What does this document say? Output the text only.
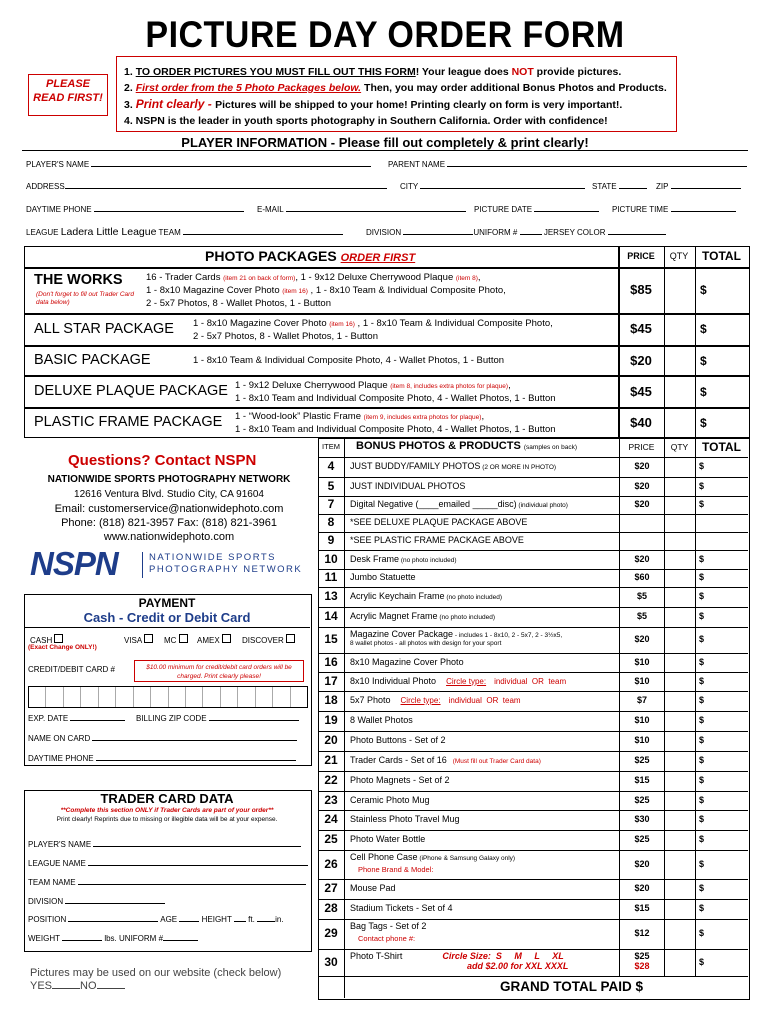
PICTURE DAY ORDER FORM
PLEASE READ FIRST!
1. TO ORDER PICTURES YOU MUST FILL OUT THIS FORM! Your league does NOT provide pictures.
2. First order from the 5 Photo Packages below. Then, you may order additional Bonus Photos and Products.
3. Print clearly - Pictures will be shipped to your home! Printing clearly on form is very important!.
4. NSPN is the leader in youth sports photography in Southern California. Order with confidence!
PLAYER INFORMATION - Please fill out completely & print clearly!
PLAYER'S NAME	PARENT NAME
ADDRESS	CITY	STATE	ZIP
DAYTIME PHONE	E-MAIL	PICTURE DATE	PICTURE TIME
LEAGUE Ladera Little League TEAM	DIVISION	UNIFORM #	JERSEY COLOR
PHOTO PACKAGES ORDER FIRST	PRICE	QTY	TOTAL
THE WORKS
(Don't forget to fill out Trader Card data below)
16 - Trader Cards (item 21 on back of form), 1 - 9x12 Deluxe Cherrywood Plaque (item 8),
1 - 8x10 Magazine Cover Photo (item 16) , 1 - 8x10 Team & Individual Composite Photo,
2 - 5x7 Photos, 8 - Wallet Photos, 1 - Button
$85	$
ALL STAR PACKAGE 1 - 8x10 Magazine Cover Photo (item 16) , 1 - 8x10 Team & Individual Composite Photo,
2 - 5x7 Photos, 8 - Wallet Photos, 1 - Button
$45	$
BASIC PACKAGE	1 - 8x10 Team & Individual Composite Photo, 4 - Wallet Photos, 1 - Button	$20	$
DELUXE PLAQUE PACKAGE 1 - 9x12 Deluxe Cherrywood Plaque (item 8, includes extra photos for plaque),
1 - 8x10 Team and Individual Composite Photo, 4 - Wallet Photos, 1 - Button	$45	$
PLASTIC FRAME PACKAGE 1 - “Wood-look” Plastic Frame (item 9, includes extra photos for plaque),
1 - 8x10 Team and Individual Composite Photo, 4 - Wallet Photos, 1 - Button	$40	$
Questions? Contact NSPN
NATIONWIDE SPORTS PHOTOGRAPHY NETWORK
12616 Ventura Blvd. Studio City, CA 91604
Email: customerservice@nationwidephoto.com
Phone: (818) 821-3957 Fax: (818) 821-3961
www.nationwidephoto.com
NSPN	NATIONWIDE SPORTS
PHOTOGRAPHY NETWORK
PAYMENT
Cash - Credit or Debit Card
CASH
(Exact Change ONLY!)
VISA	MC	AMEX	DISCOVER
CREDIT/DEBIT CARD #	$10.00 minimum for credit/debit card orders will be charged. Print clearly please!
EXP. DATE	BILLING ZIP CODE
NAME ON CARD
DAYTIME PHONE
TRADER CARD DATA
**Complete this section ONLY if Trader Cards are part of your order**
Print clearly! Reprints due to missing or illegible data will be at your expense.
PLAYER'S NAME
LEAGUE NAME
TEAM NAME
DIVISION
POSITION	AGE	HEIGHT ft.	in.
WEIGHT	lbs. UNIFORM #
Pictures may be used on our website (check below)
YES	NO
ITEM	BONUS PHOTOS & PRODUCTS (samples on back)	PRICE	QTY	TOTAL
4	JUST BUDDY/FAMILY PHOTOS (2 OR MORE IN PHOTO)	$20	$
5	JUST INDIVIDUAL PHOTOS	$20	$
7	Digital Negative (____emailed _____disc) (individual photo)	$20	$
8	*SEE DELUXE PLAQUE PACKAGE ABOVE
9	*SEE PLASTIC FRAME PACKAGE ABOVE
10	Desk Frame (no photo included)	$20	$
11	Jumbo Statuette	$60	$
13	Acrylic Keychain Frame (no photo included)	$5	$
14	Acrylic Magnet Frame (no photo included)	$5	$
15	Magazine Cover Package - includes 1 - 8x10, 2 - 5x7, 2 - 3½x5,
8 wallet photos - all photos with design for your sport	$20	$
16	8x10 Magazine Cover Photo	$10	$
17	8x10 Individual Photo Circle type: individual  OR  team	$10	$
18	5x7 Photo Circle type: individual  OR  team	$7	$
19	8 Wallet Photos	$10	$
20	Photo Buttons - Set of 2	$10	$
21	Trader Cards - Set of 16 (Must fill out Trader Card data)	$25	$
22	Photo Magnets - Set of 2	$15	$
23	Ceramic Photo Mug	$25	$
24	Stainless Photo Travel Mug	$30	$
25	Photo Water Bottle	$25	$
26	Cell Phone Case (iPhone & Samsung Galaxy only)
Phone Brand & Model:
$20	$
27	Mouse Pad	$20	$
28	Stadium Tickets - Set of 4	$15	$
29	Bag Tags - Set of 2
Contact phone #:
$12	$
30	Photo T-Shirt	Circle Size:  S     M     L     XL
add $2.00 for XXL XXXL
$25
$28	$
GRAND TOTAL PAID $
